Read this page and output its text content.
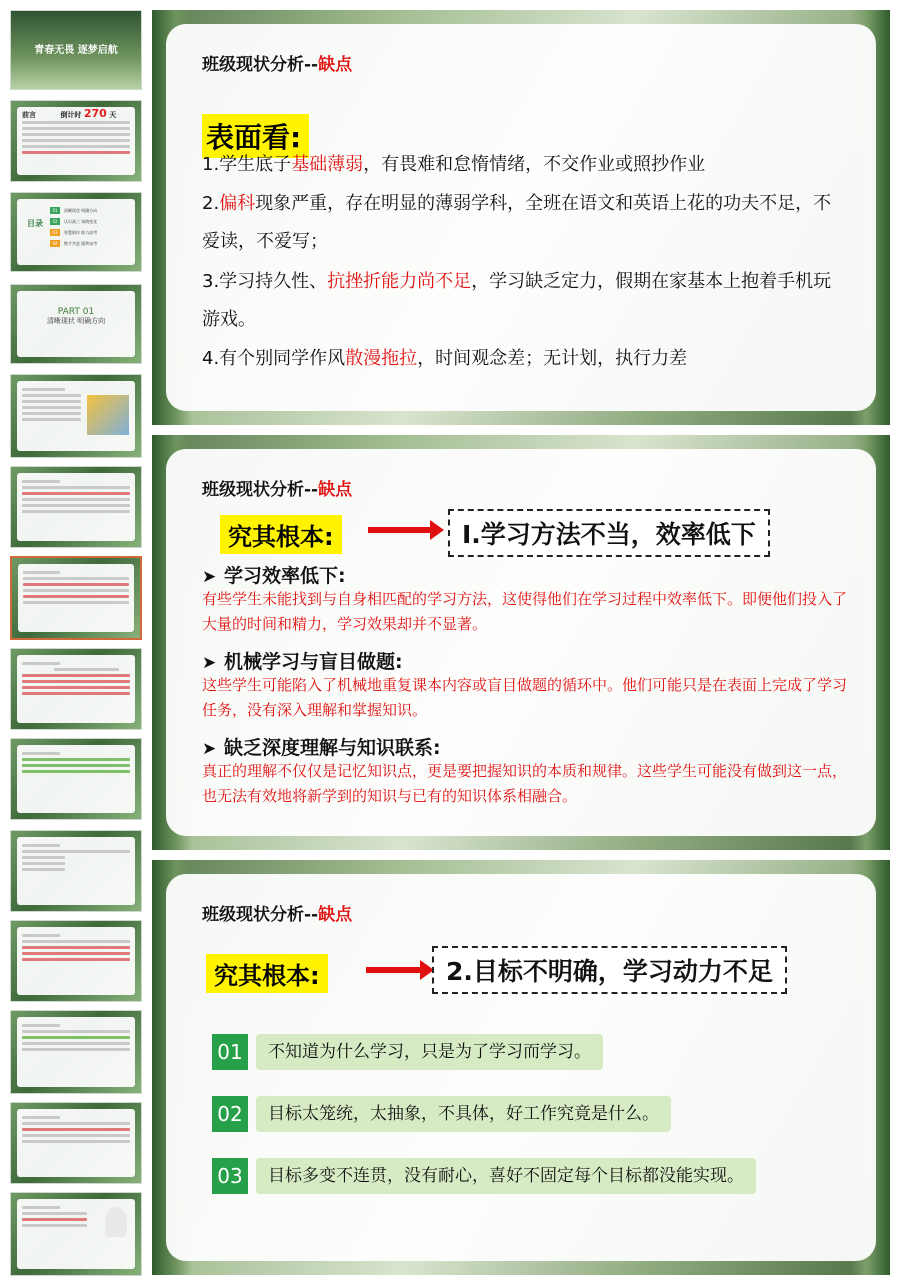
青春无畏 逐梦启航
前言	倒计时 270 天
目录
01	清晰现状 明确方向
02	认识高三 知晓变化
03	智慧陪伴 助力高考
04	携手共进 圆梦高考
PART 01
清晰现状 明确方向
班级现状分析--缺点
表面看:
1.学生底子基础薄弱，有畏难和怠惰情绪，不交作业或照抄作业
2.偏科现象严重，存在明显的薄弱学科，全班在语文和英语上花的功夫不足，不爱读，不爱写；
3.学习持久性、抗挫折能力尚不足，学习缺乏定力，假期在家基本上抱着手机玩游戏。
4.有个别同学作风散漫拖拉，时间观念差；无计划，执行力差
班级现状分析--缺点
究其根本:	I.学习方法不当，效率低下
➤ 学习效率低下:
有些学生未能找到与自身相匹配的学习方法，这使得他们在学习过程中效率低下。即便他们投入了大量的时间和精力，学习效果却并不显著。
➤ 机械学习与盲目做题:
这些学生可能陷入了机械地重复课本内容或盲目做题的循环中。他们可能只是在表面上完成了学习任务，没有深入理解和掌握知识。
➤ 缺乏深度理解与知识联系:
真正的理解不仅仅是记忆知识点，更是要把握知识的本质和规律。这些学生可能没有做到这一点，也无法有效地将新学到的知识与已有的知识体系相融合。
班级现状分析--缺点
究其根本:	2.目标不明确，学习动力不足
01	不知道为什么学习，只是为了学习而学习。
02	目标太笼统，太抽象，不具体，好工作究竟是什么。
03	目标多变不连贯，没有耐心，喜好不固定每个目标都没能实现。
